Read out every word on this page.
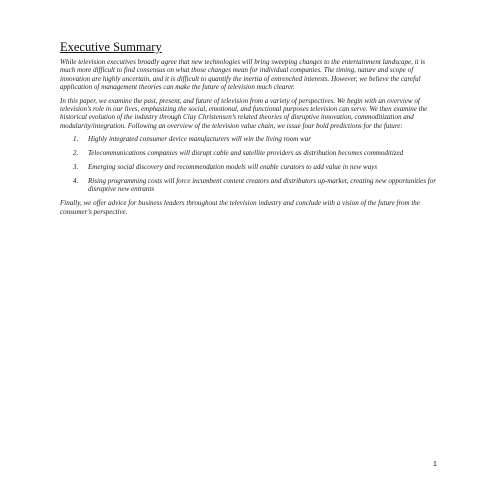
Executive Summary

While television executives broadly agree that new technologies will bring sweeping changes to the entertainment landscape, it is much more difficult to find consensus on what those changes mean for individual companies. The timing, nature and scope of innovation are highly uncertain, and it is difficult to quantify the inertia of entrenched interests. However, we believe the careful application of management theories can make the future of television much clearer.

In this paper, we examine the past, present, and future of television from a variety of perspectives. We begin with an overview of television’s role in our lives, emphasizing the social, emotional, and functional purposes television can serve. We then examine the historical evolution of the industry through Clay Christensen’s related theories of disruptive innovation, commoditization and modularity/integration. Following an overview of the television value chain, we issue four bold predictions for the future:

1.	Highly integrated consumer device manufacturers will win the living room war
2.	Telecommunications companies will disrupt cable and satellite providers as distribution becomes commoditized
3.	Emerging social discovery and recommendation models will enable curators to add value in new ways
4.	Rising programming costs will force incumbent content creators and distributors up-market, creating new opportunities for disruptive new entrants

Finally, we offer advice for business leaders throughout the television industry and conclude with a vision of the future from the consumer’s perspective.

1
